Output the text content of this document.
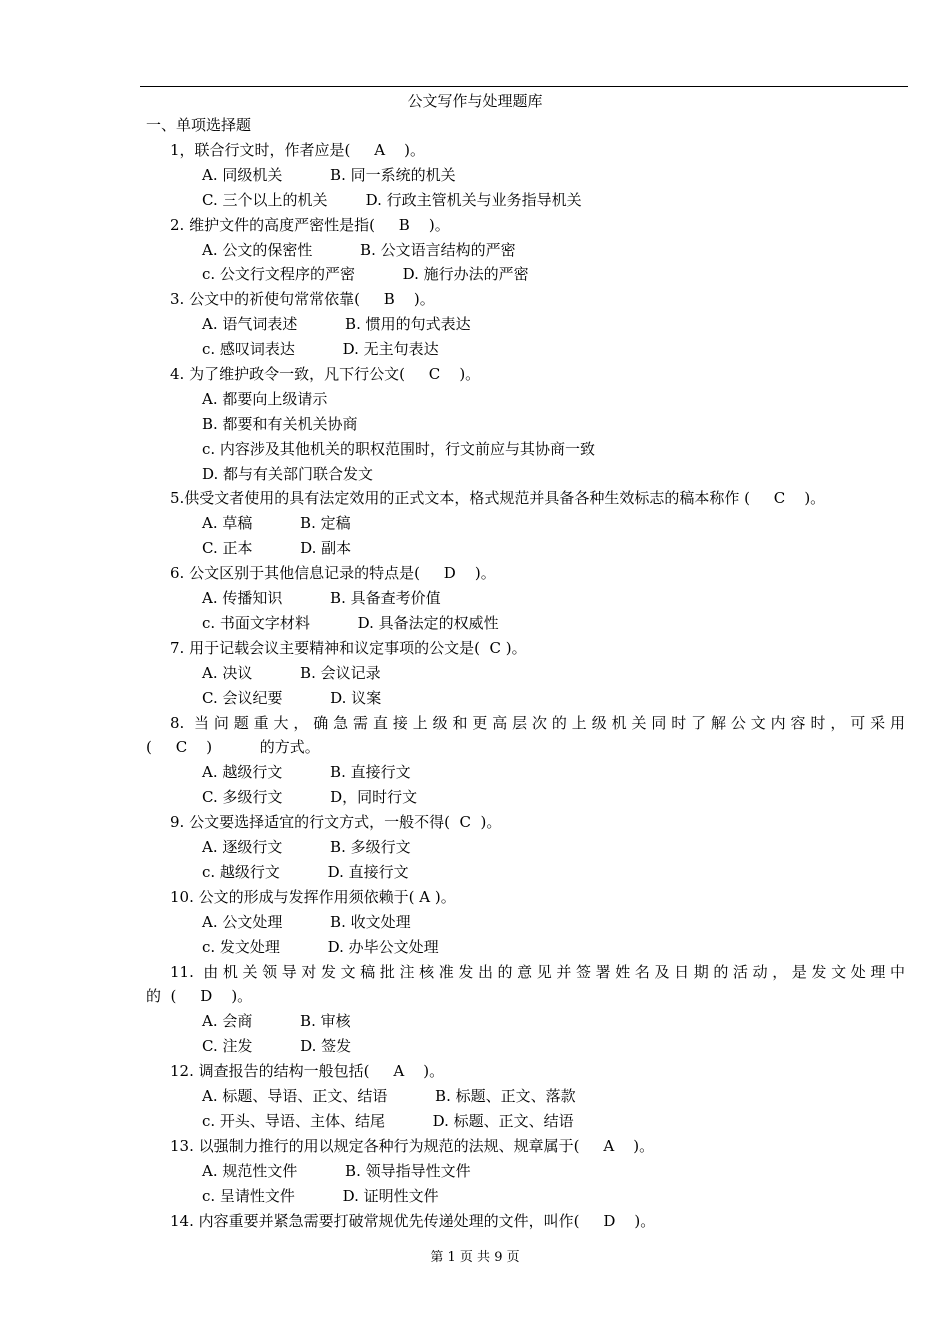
公文写作与处理题库
一、单项选择题
1，联合行文时，作者应是(     A    )。
A. 同级机关          B. 同一系统的机关
C. 三个以上的机关        D. 行政主管机关与业务指导机关
2. 维护文件的高度严密性是指(     B    )。
A. 公文的保密性          B. 公文语言结构的严密
c. 公文行文程序的严密          D. 施行办法的严密
3. 公文中的祈使句常常依靠(     B    )。
A. 语气词表述          B. 惯用的句式表达
c. 感叹词表达          D. 无主句表达
4. 为了维护政令一致，凡下行公文(     C    )。
A. 都要向上级请示
B. 都要和有关机关协商
c. 内容涉及其他机关的职权范围时，行文前应与其协商一致
D. 都与有关部门联合发文
5.供受文者使用的具有法定效用的正式文本，格式规范并具备各种生效标志的稿本称作 (     C    )。
A. 草稿          B. 定稿
C. 正本          D. 副本
6. 公文区别于其他信息记录的特点是(     D    )。
A. 传播知识          B. 具备查考价值
c. 书面文字材料          D. 具备法定的权威性
7. 用于记载会议主要精神和议定事项的公文是(  C )。
A. 决议          B. 会议记录
C. 会议纪要          D. 议案
8. 当问题重大，确急需直接上级和更高层次的上级机关同时了解公文内容时，可采用
(     C    )          的方式。
A. 越级行文          B. 直接行文
C. 多级行文          D，同时行文
9. 公文要选择适宜的行文方式，一般不得(  C  )。
A. 逐级行文          B. 多级行文
c. 越级行文          D. 直接行文
10. 公文的形成与发挥作用须依赖于( A )。
A. 公文处理          B. 收文处理
c. 发文处理          D. 办毕公文处理
11. 由机关领导对发文稿批注核准发出的意见并签署姓名及日期的活动，是发文处理中
的  (     D    )。
A. 会商          B. 审核
C. 注发          D. 签发
12. 调查报告的结构一般包括(     A    )。
A. 标题、导语、正文、结语          B. 标题、正文、落款
c. 开头、导语、主体、结尾          D. 标题、正文、结语
13. 以强制力推行的用以规定各种行为规范的法规、规章属于(     A    )。
A. 规范性文件          B. 领导指导性文件
c. 呈请性文件          D. 证明性文件
14. 内容重要并紧急需要打破常规优先传递处理的文件，叫作(     D    )。
第 1 页 共 9 页
